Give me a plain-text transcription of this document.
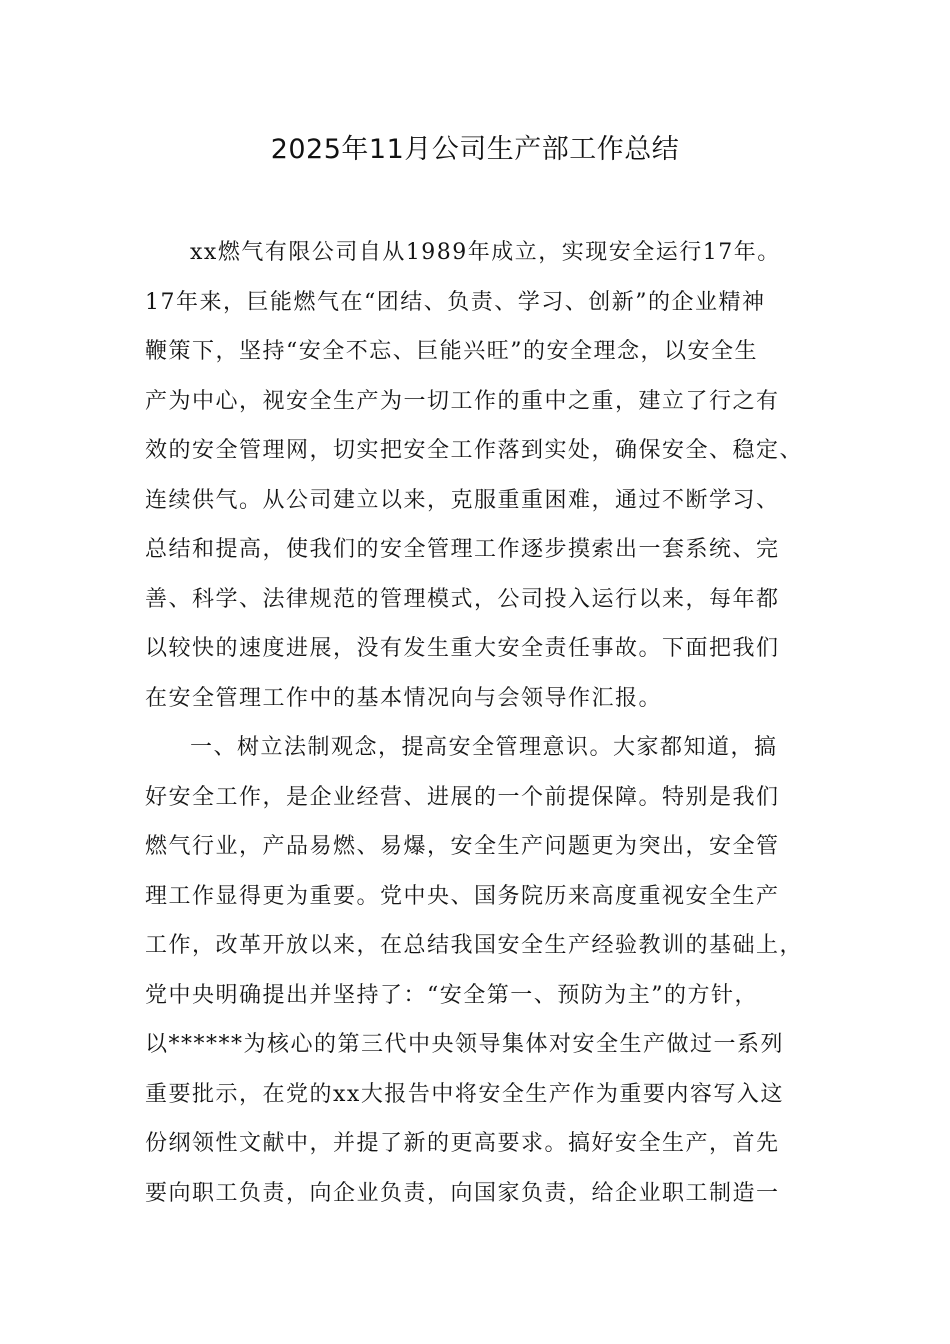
2025年11月公司生产部工作总结
xx燃气有限公司自从1989年成立，实现安全运行17年。
17年来，巨能燃气在“团结、负责、学习、创新”的企业精神
鞭策下，坚持“安全不忘、巨能兴旺”的安全理念，以安全生
产为中心，视安全生产为一切工作的重中之重，建立了行之有
效的安全管理网，切实把安全工作落到实处，确保安全、稳定、
连续供气。从公司建立以来，克服重重困难，通过不断学习、
总结和提高，使我们的安全管理工作逐步摸索出一套系统、完
善、科学、法律规范的管理模式，公司投入运行以来，每年都
以较快的速度进展，没有发生重大安全责任事故。下面把我们
在安全管理工作中的基本情况向与会领导作汇报。
一、树立法制观念，提高安全管理意识。大家都知道，搞
好安全工作，是企业经营、进展的一个前提保障。特别是我们
燃气行业，产品易燃、易爆，安全生产问题更为突出，安全管
理工作显得更为重要。党中央、国务院历来高度重视安全生产
工作，改革开放以来，在总结我国安全生产经验教训的基础上，
党中央明确提出并坚持了：“安全第一、预防为主”的方针，
以******为核心的第三代中央领导集体对安全生产做过一系列
重要批示，在党的xx大报告中将安全生产作为重要内容写入这
份纲领性文献中，并提了新的更高要求。搞好安全生产，首先
要向职工负责，向企业负责，向国家负责，给企业职工制造一
